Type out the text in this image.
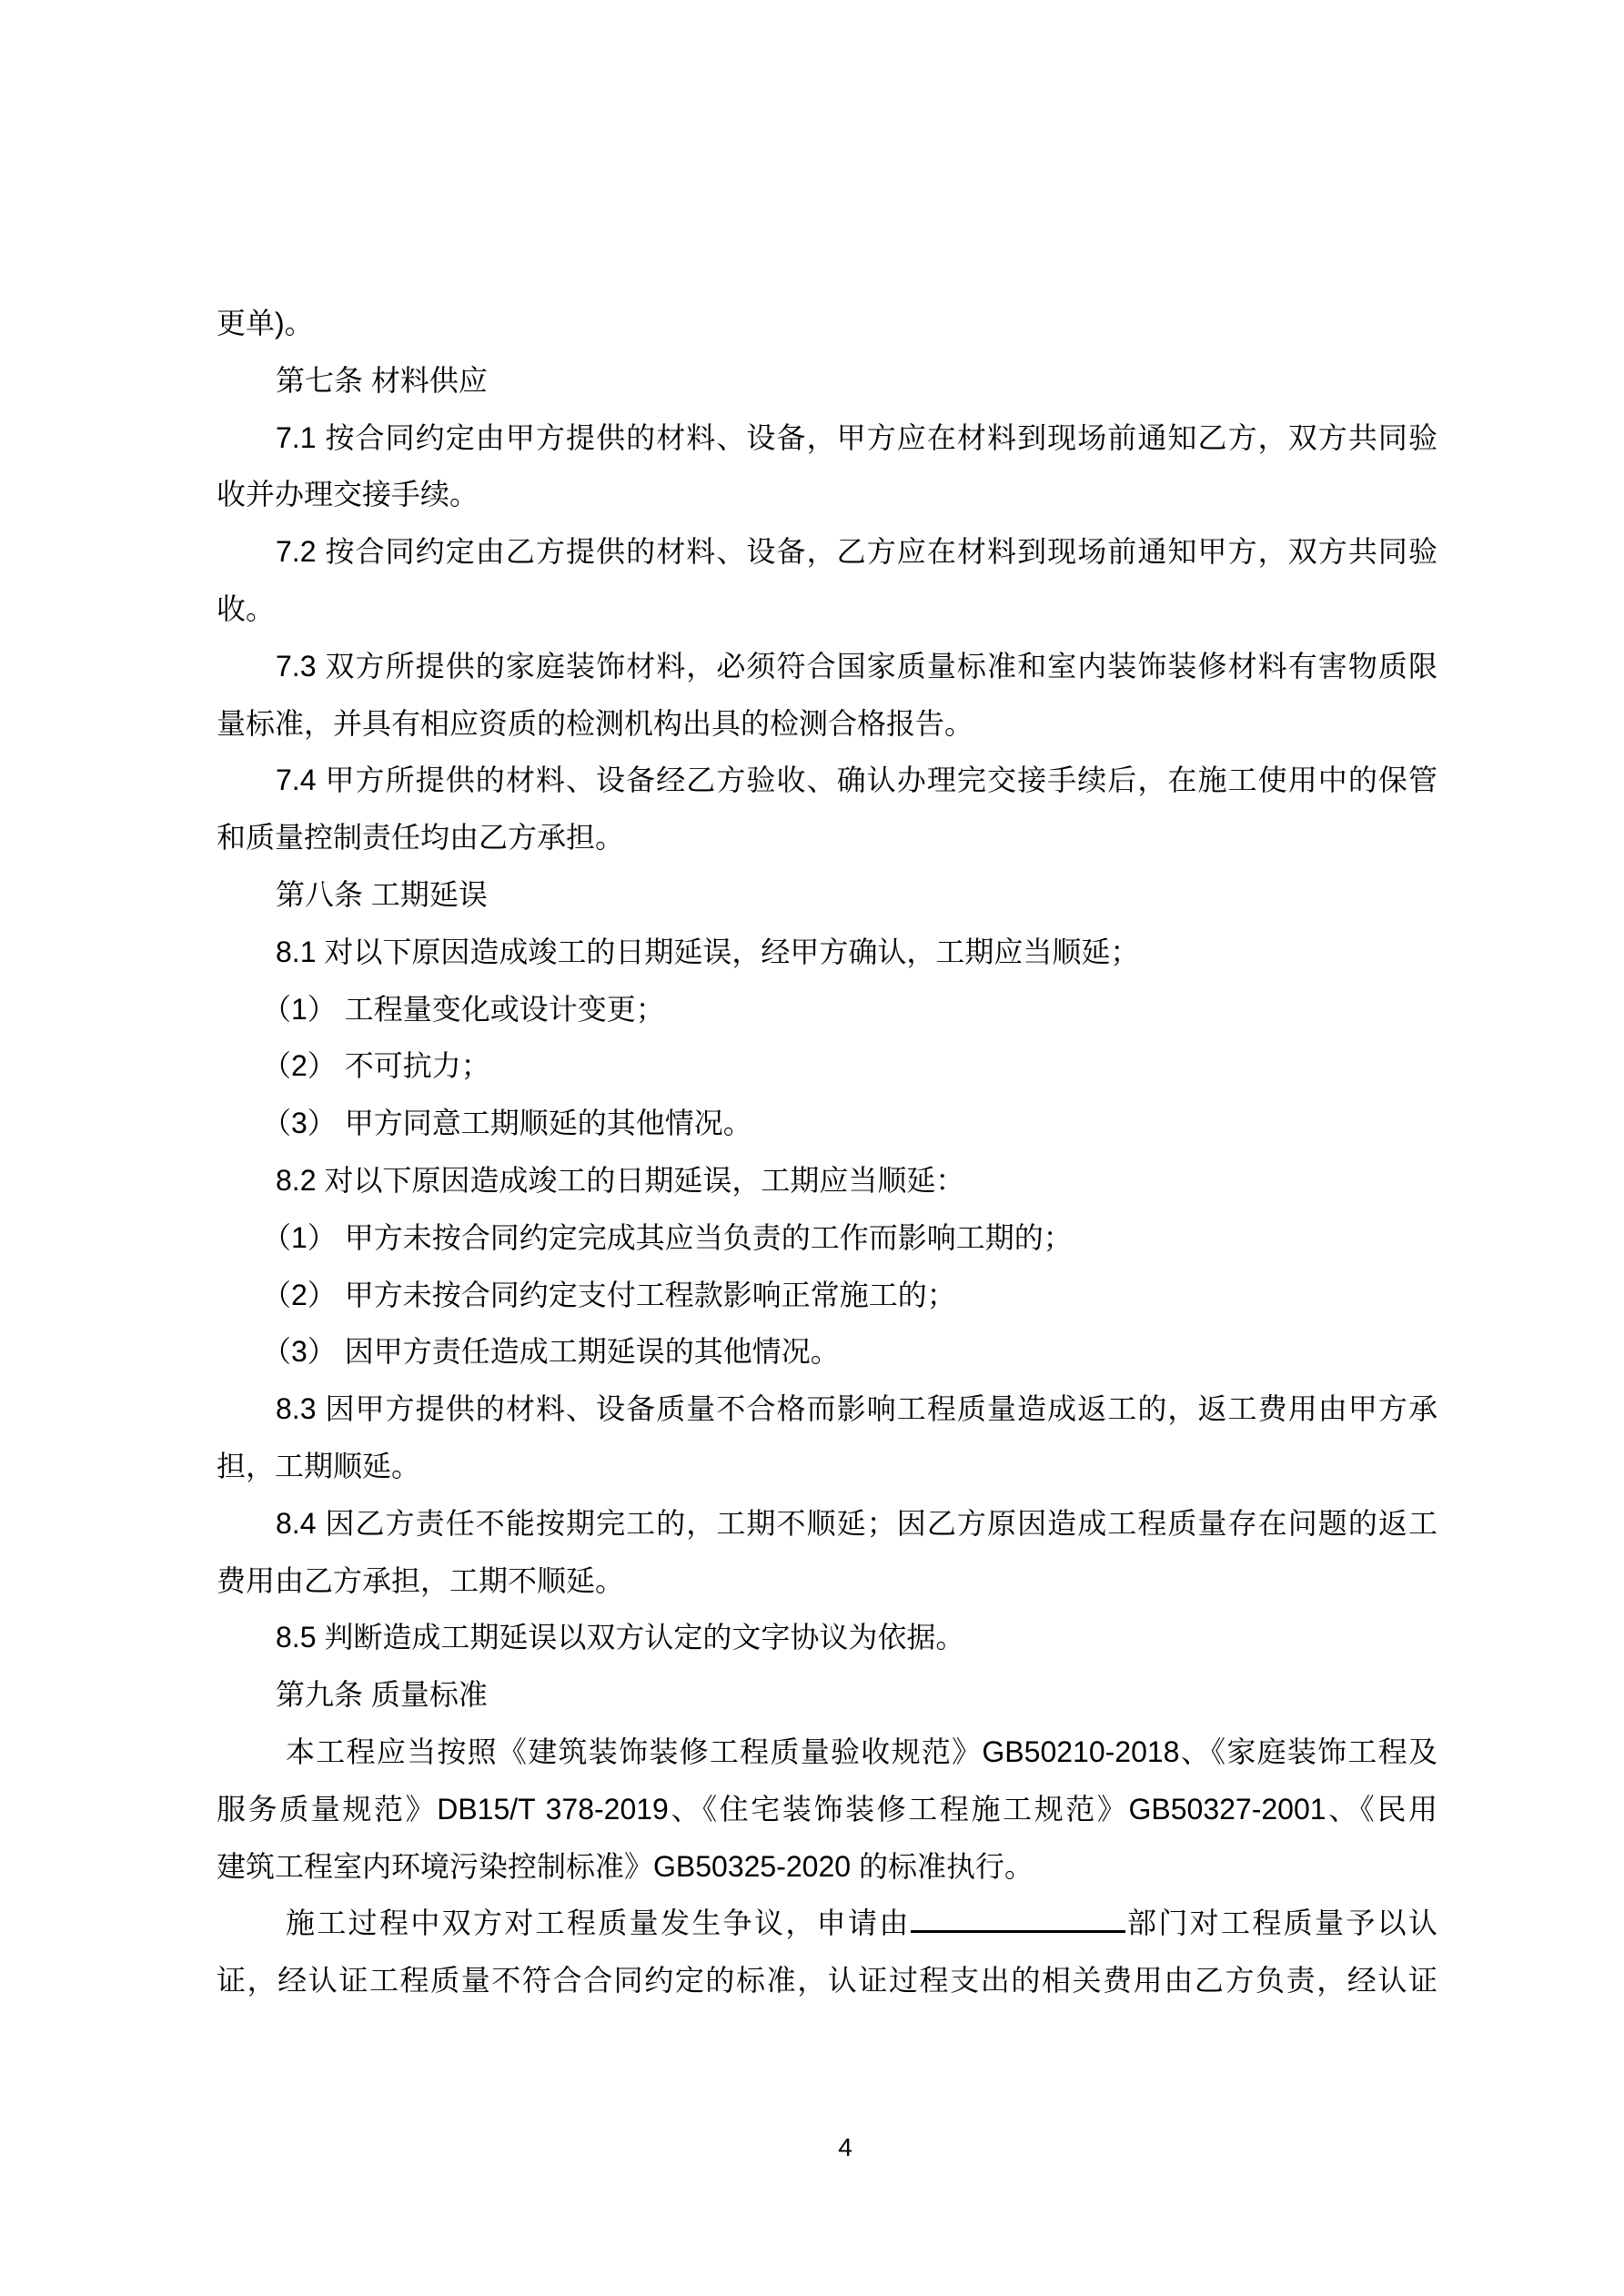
更单)。
第七条 材料供应
7.1 按合同约定由甲方提供的材料、设备，甲方应在材料到现场前通知乙方，双方共同验
收并办理交接手续。
7.2 按合同约定由乙方提供的材料、设备，乙方应在材料到现场前通知甲方，双方共同验
收。
7.3 双方所提供的家庭装饰材料，必须符合国家质量标准和室内装饰装修材料有害物质限
量标准，并具有相应资质的检测机构出具的检测合格报告。
7.4 甲方所提供的材料、设备经乙方验收、确认办理完交接手续后，在施工使用中的保管
和质量控制责任均由乙方承担。
第八条 工期延误
8.1 对以下原因造成竣工的日期延误，经甲方确认，工期应当顺延；
（1） 工程量变化或设计变更；
（2） 不可抗力；
（3） 甲方同意工期顺延的其他情况。
8.2 对以下原因造成竣工的日期延误，工期应当顺延：
（1） 甲方未按合同约定完成其应当负责的工作而影响工期的；
（2） 甲方未按合同约定支付工程款影响正常施工的；
（3） 因甲方责任造成工期延误的其他情况。
8.3 因甲方提供的材料、设备质量不合格而影响工程质量造成返工的，返工费用由甲方承
担，工期顺延。
8.4 因乙方责任不能按期完工的，工期不顺延；因乙方原因造成工程质量存在问题的返工
费用由乙方承担，工期不顺延。
8.5 判断造成工期延误以双方认定的文字协议为依据。
第九条 质量标准
本工程应当按照《建筑装饰装修工程质量验收规范》GB50210-2018、《家庭装饰工程及
服务质量规范》DB15/T 378-2019、《住宅装饰装修工程施工规范》GB50327-2001、《民用
建筑工程室内环境污染控制标准》GB50325-2020 的标准执行。
施工过程中双方对工程质量发生争议，申请由	部门对工程质量予以认
证，经认证工程质量不符合合同约定的标准，认证过程支出的相关费用由乙方负责，经认证
4
